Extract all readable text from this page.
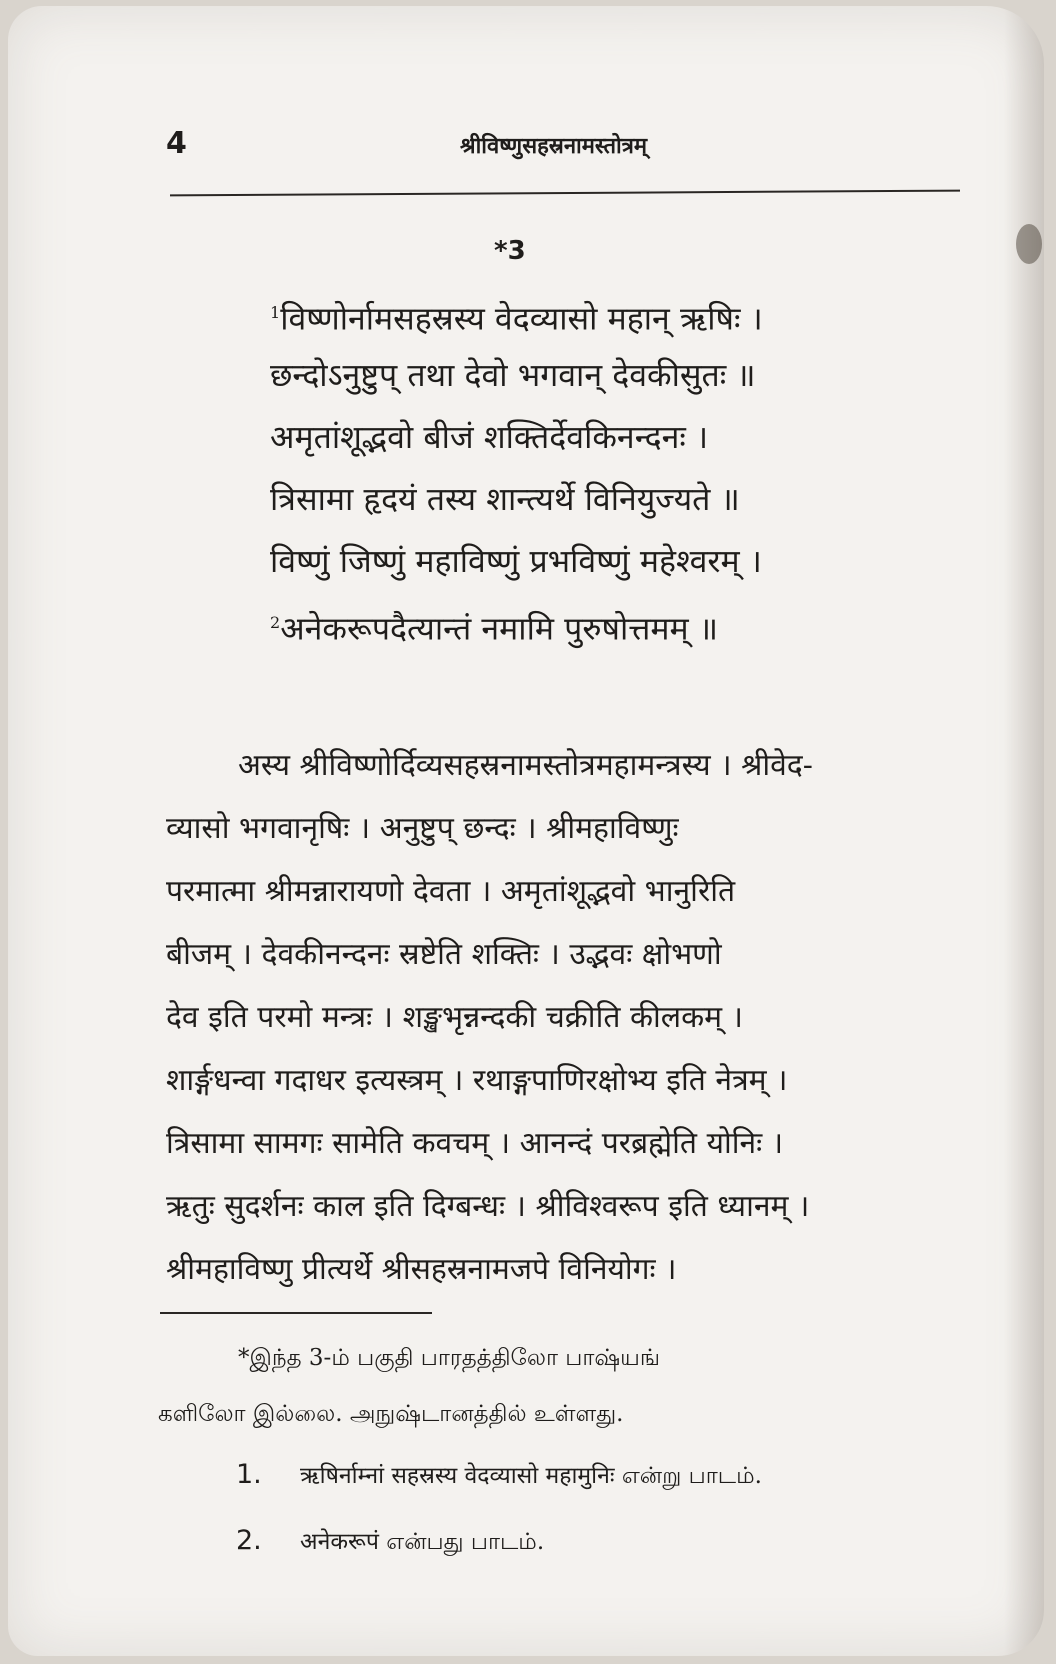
4	श्रीविष्णुसहस्रनामस्तोत्रम्
*3
$^1$विष्णोर्नामसहस्रस्य वेदव्यासो महान् ऋषिः ।
छन्दोऽनुष्टुप् तथा देवो भगवान् देवकीसुतः ॥
अमृतांशूद्भवो बीजं शक्तिर्देवकिनन्दनः ।
त्रिसामा हृदयं तस्य शान्त्यर्थे विनियुज्यते ॥
विष्णुं जिष्णुं महाविष्णुं प्रभविष्णुं महेश्वरम् ।
$^2$अनेकरूपदैत्यान्तं नमामि पुरुषोत्तमम् ॥
अस्य श्रीविष्णोर्दिव्यसहस्रनामस्तोत्रमहामन्त्रस्य । श्रीवेद-
व्यासो भगवानृषिः । अनुष्टुप् छन्दः । श्रीमहाविष्णुः
परमात्मा श्रीमन्नारायणो देवता । अमृतांशूद्भवो भानुरिति
बीजम् । देवकीनन्दनः स्रष्टेति शक्तिः । उद्भवः क्षोभणो
देव इति परमो मन्त्रः । शङ्खभृन्नन्दकी चक्रीति कीलकम् ।
शार्ङ्गधन्वा गदाधर इत्यस्त्रम् । रथाङ्गपाणिरक्षोभ्य इति नेत्रम् ।
त्रिसामा सामगः सामेति कवचम् । आनन्दं परब्रह्मेति योनिः ।
ऋतुः सुदर्शनः काल इति दिग्बन्धः । श्रीविश्वरूप इति ध्यानम् ।
श्रीमहाविष्णु प्रीत्यर्थे श्रीसहस्रनामजपे विनियोगः ।
*இந்த 3-ம் பகுதி பாரதத்திலோ பாஷ்யங்
களிலோ இல்லை. அநுஷ்டானத்தில் உள்ளது.
1. ऋषिर्नाम्नां सहस्रस्य वेदव्यासो महामुनिः என்று பாடம்.
2. अनेकरूपं என்பது பாடம்.
